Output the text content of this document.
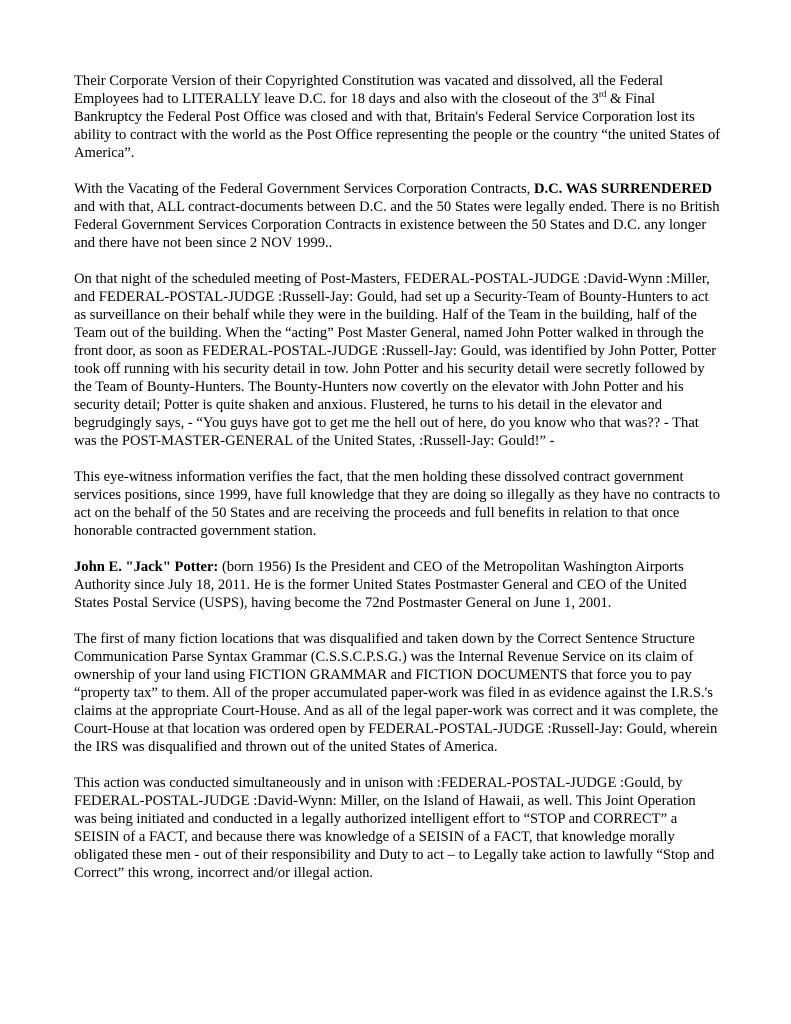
Their Corporate Version of their Copyrighted Constitution was vacated and dissolved, all the Federal Employees had to LITERALLY leave D.C. for 18 days and also with the closeout of the 3rd & Final Bankruptcy the Federal Post Office was closed and with that, Britain's Federal Service Corporation lost its ability to contract with the world as the Post Office representing the people or the country “the united States of America”.

With the Vacating of the Federal Government Services Corporation Contracts, D.C. WAS SURRENDERED and with that, ALL contract-documents between D.C. and the 50 States were legally ended. There is no British Federal Government Services Corporation Contracts in existence between the 50 States and D.C. any longer and there have not been since 2 NOV 1999..

On that night of the scheduled meeting of Post-Masters, FEDERAL-POSTAL-JUDGE :David-Wynn :Miller, and FEDERAL-POSTAL-JUDGE :Russell-Jay: Gould, had set up a Security-Team of Bounty-Hunters to act as surveillance on their behalf while they were in the building. Half of the Team in the building, half of the Team out of the building. When the “acting” Post Master General, named John Potter walked in through the front door, as soon as FEDERAL-POSTAL-JUDGE :Russell-Jay: Gould, was identified by John Potter, Potter took off running with his security detail in tow. John Potter and his security detail were secretly followed by the Team of Bounty-Hunters. The Bounty-Hunters now covertly on the elevator with John Potter and his security detail; Potter is quite shaken and anxious. Flustered, he turns to his detail in the elevator and begrudgingly says, - “You guys have got to get me the hell out of here, do you know who that was?? - That was the POST-MASTER-GENERAL of the United States, :Russell-Jay: Gould!” -

This eye-witness information verifies the fact, that the men holding these dissolved contract government services positions, since 1999, have full knowledge that they are doing so illegally as they have no contracts to act on the behalf of the 50 States and are receiving the proceeds and full benefits in relation to that once honorable contracted government station.

John E. "Jack" Potter: (born 1956) Is the President and CEO of the Metropolitan Washington Airports Authority since July 18, 2011. He is the former United States Postmaster General and CEO of the United States Postal Service (USPS), having become the 72nd Postmaster General on June 1, 2001.

The first of many fiction locations that was disqualified and taken down by the Correct Sentence Structure Communication Parse Syntax Grammar (C.S.S.C.P.S.G.) was the Internal Revenue Service on its claim of ownership of your land using FICTION GRAMMAR and FICTION DOCUMENTS that force you to pay “property tax” to them. All of the proper accumulated paper-work was filed in as evidence against the I.R.S.'s claims at the appropriate Court-House. And as all of the legal paper-work was correct and it was complete, the Court-House at that location was ordered open by FEDERAL-POSTAL-JUDGE :Russell-Jay: Gould, wherein the IRS was disqualified and thrown out of the united States of America.

This action was conducted simultaneously and in unison with :FEDERAL-POSTAL-JUDGE :Gould, by FEDERAL-POSTAL-JUDGE :David-Wynn: Miller, on the Island of Hawaii, as well. This Joint Operation was being initiated and conducted in a legally authorized intelligent effort to “STOP and CORRECT” a SEISIN of a FACT, and because there was knowledge of a SEISIN of a FACT, that knowledge morally obligated these men - out of their responsibility and Duty to act – to Legally take action to lawfully “Stop and Correct” this wrong, incorrect and/or illegal action.
